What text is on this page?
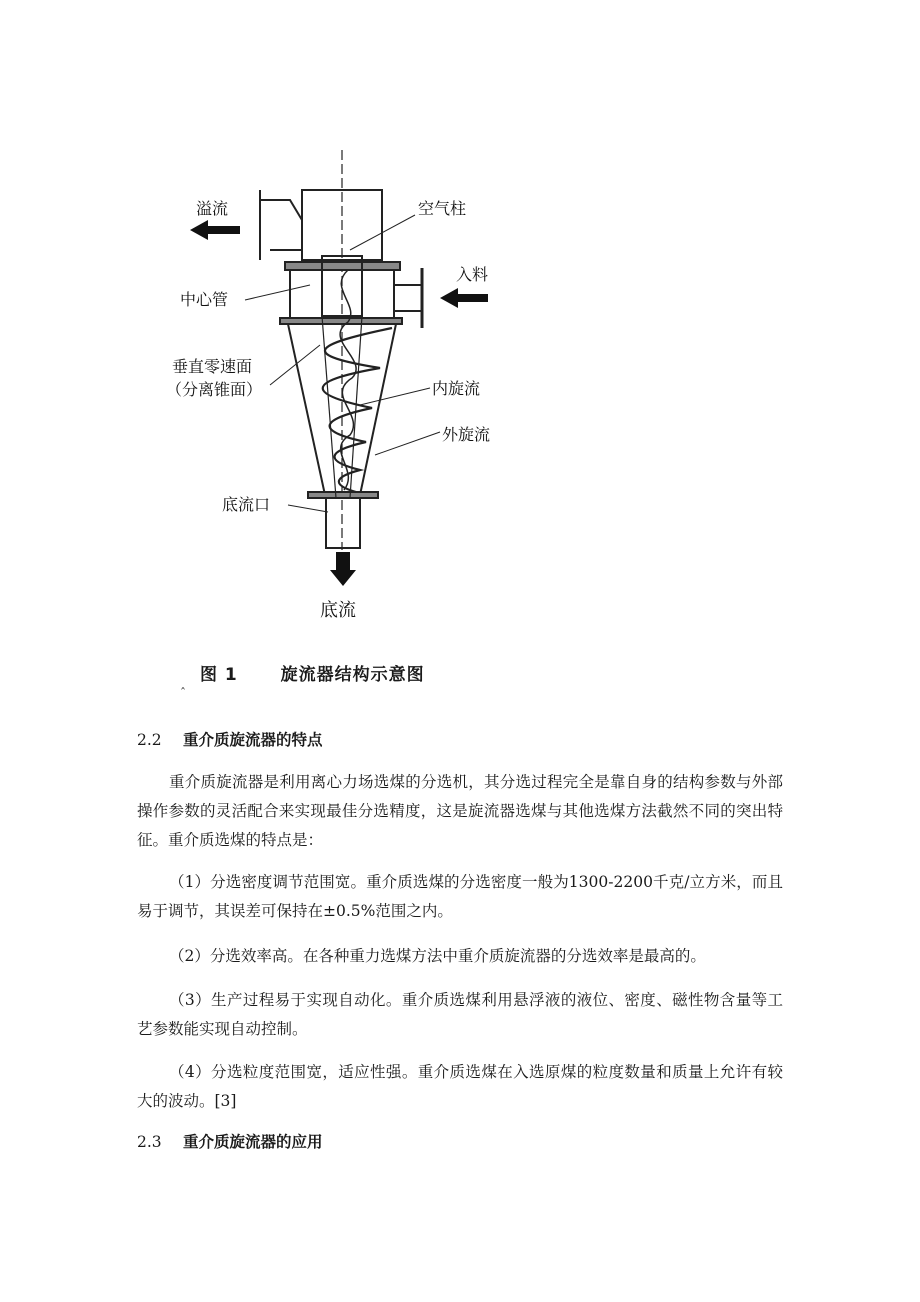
溢流	空气柱
入料
中心管
垂直零速面
（分离锥面）	内旋流
外旋流
底流口
底流
图 1	旋流器结构示意图
ˆ
2.2 重介质旋流器的特点

重介质旋流器是利用离心力场选煤的分选机，其分选过程完全是靠自身的结构参数与外部操作参数的灵活配合来实现最佳分选精度，这是旋流器选煤与其他选煤方法截然不同的突出特征。重介质选煤的特点是：

（1）分选密度调节范围宽。重介质选煤的分选密度一般为1300-2200千克/立方米，而且易于调节，其误差可保持在±0.5%范围之内。

（2）分选效率高。在各种重力选煤方法中重介质旋流器的分选效率是最高的。

（3）生产过程易于实现自动化。重介质选煤利用悬浮液的液位、密度、磁性物含量等工艺参数能实现自动控制。

（4）分选粒度范围宽，适应性强。重介质选煤在入选原煤的粒度数量和质量上允许有较大的波动。[3]

2.3 重介质旋流器的应用
